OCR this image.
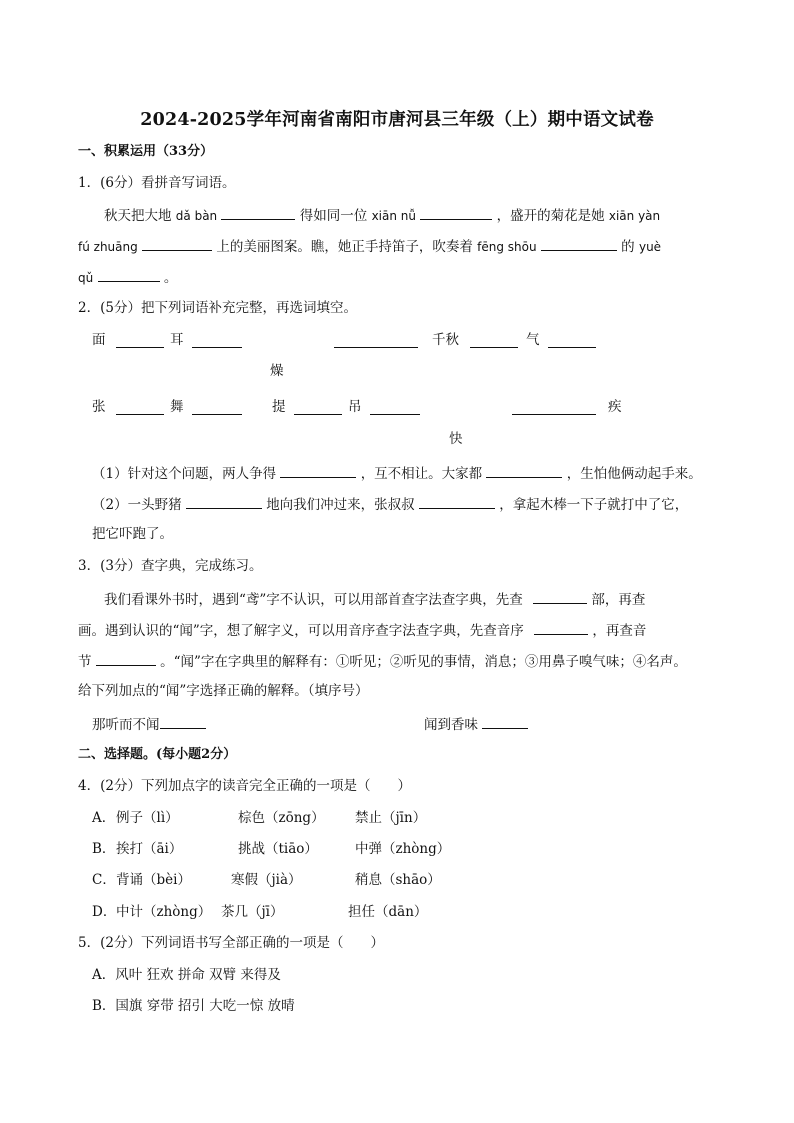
2024-2025学年河南省南阳市唐河县三年级（上）期中语文试卷
一、积累运用（33分）
1．(6分）看拼音写词语。
秋天把大地 dǎ bàn	得如同一位 xiān nǚ	，盛开的菊花是她 xiān yàn
fú zhuāng	上的美丽图案。瞧，她正手持笛子，吹奏着 fēng shōu	的 yuè
qǔ	。
2．(5分）把下列词语补充完整，再选词填空。
面	耳	千秋	气
燥
张	舞	提	吊	疾
快
（1）针对这个问题，两人争得	，互不相让。大家都	，生怕他俩动起手来。
（2）一头野猪	地向我们冲过来，张叔叔	，拿起木棒一下子就打中了它，
把它吓跑了。
3．(3分）查字典，完成练习。
我们看课外书时，遇到“鸢”字不认识，可以用部首查字法查字典，先查	部，再查
画。遇到认识的“闻”字，想了解字义，可以用音序查字法查字典，先查音序	，再查音
节	。“闻”字在字典里的解释有：①听见；②听见的事情，消息；③用鼻子嗅气味；④名声。
给下列加点的“闻”字选择正确的解释。（填序号）
那听而不闻	闻到香味
二、选择题。(每小题2分）
4．(2分）下列加点字的读音完全正确的一项是（　　）
A． 例子（lì）	棕色（zōng） 禁止（jīn）
B． 挨打（āi）	挑战（tiāo）	中弹（zhòng）
C． 背诵（bèi）	寒假（jià）	稍息（shāo）
D． 中计（zhòng） 茶几（jī）	担任（dān）
5．(2分）下列词语书写全部正确的一项是（　　）
A．风叶 狂欢 拼命 双臂 来得及
B．国旗 穿带 招引 大吃一惊 放晴
